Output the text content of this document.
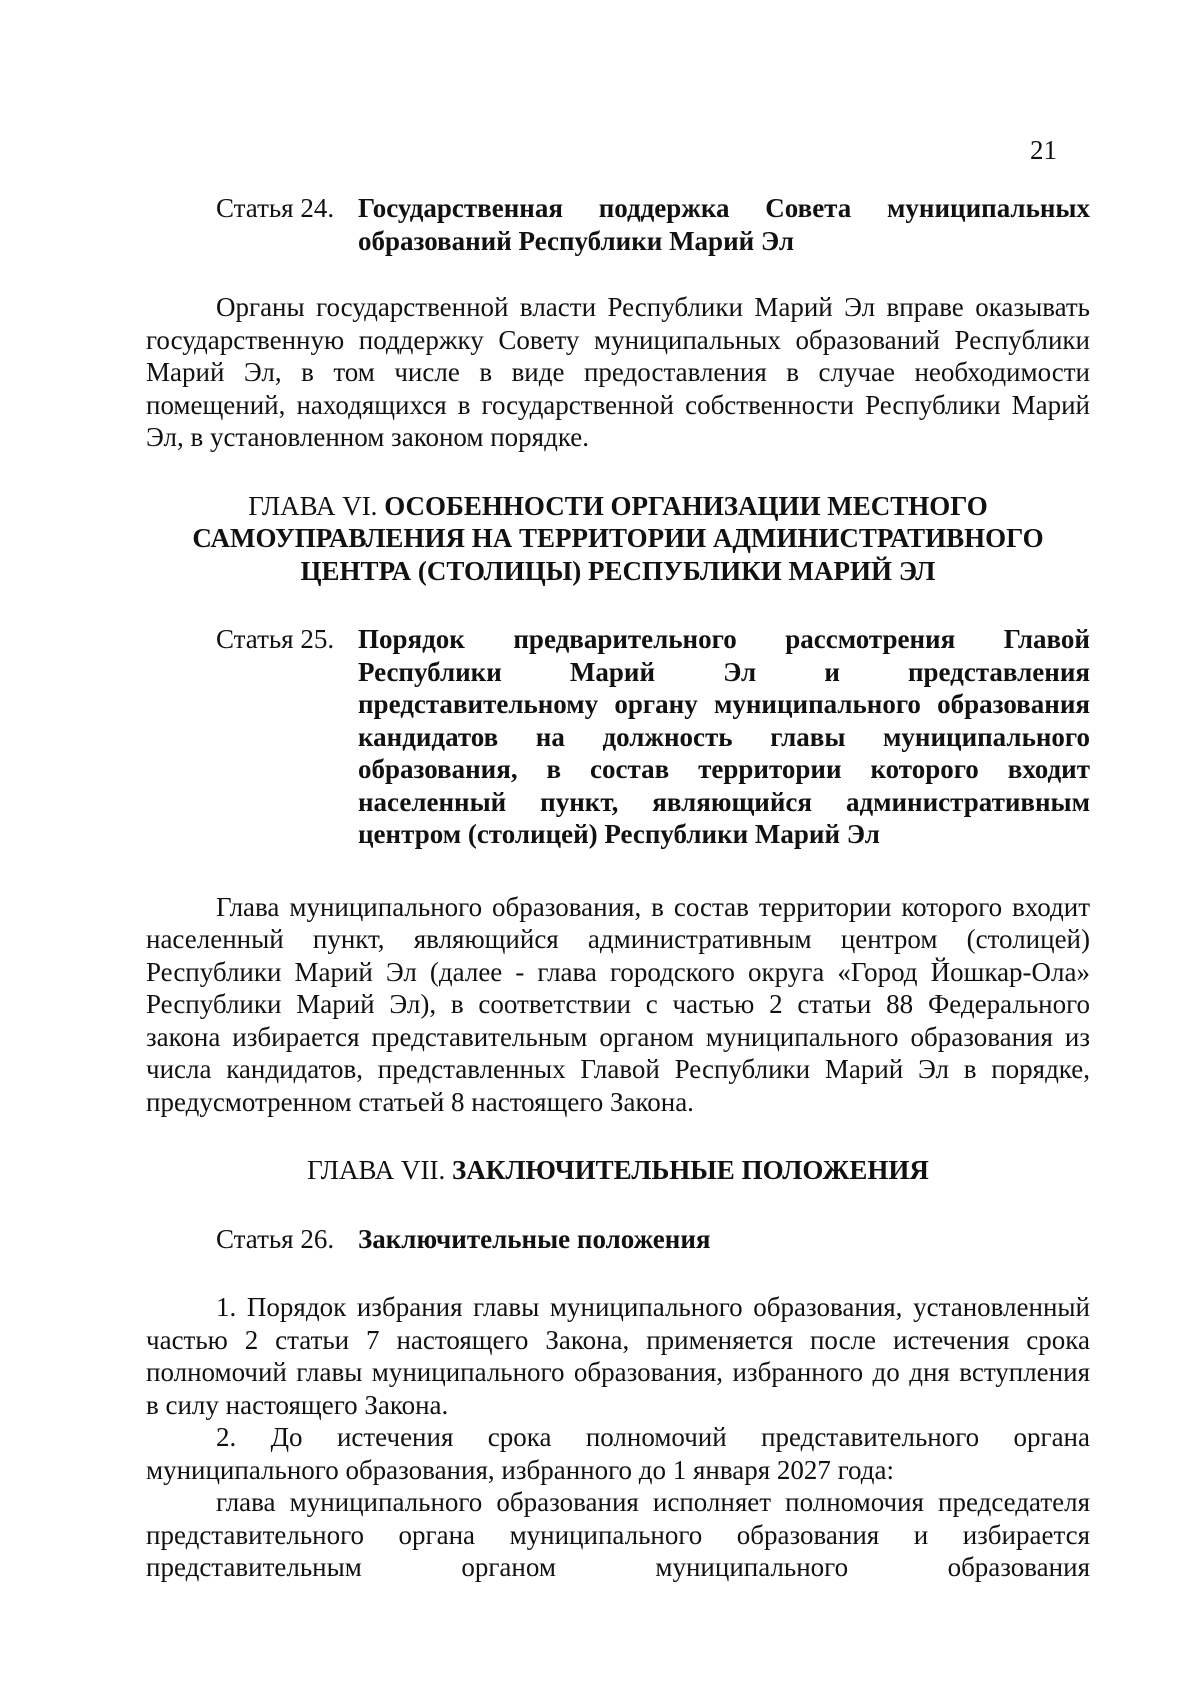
21
Статья 24. Государственная поддержка Совета муниципальных образований Республики Марий Эл

Органы государственной власти Республики Марий Эл вправе оказывать государственную поддержку Совету муниципальных образований Республики Марий Эл, в том числе в виде предоставления в случае необходимости помещений, находящихся в государственной собственности Республики Марий Эл, в установленном законом порядке.

ГЛАВА VI. ОСОБЕННОСТИ ОРГАНИЗАЦИИ МЕСТНОГО

САМОУПРАВЛЕНИЯ НА ТЕРРИТОРИИ АДМИНИСТРАТИВНОГО

ЦЕНТРА (СТОЛИЦЫ) РЕСПУБЛИКИ МАРИЙ ЭЛ

Статья 25. Порядок предварительного рассмотрения Главой Республики Марий Эл и представления представительному органу муниципального образования кандидатов на должность главы муниципального образования, в состав территории которого входит населенный пункт, являющийся административным центром (столицей) Республики Марий Эл

Глава муниципального образования, в состав территории которого входит населенный пункт, являющийся административным центром (столицей) Республики Марий Эл (далее - глава городского округа «Город Йошкар-Ола» Республики Марий Эл), в соответствии с частью 2 статьи 88 Федерального закона избирается представительным органом муниципального образования из числа кандидатов, представленных Главой Республики Марий Эл в порядке, предусмотренном статьей 8 настоящего Закона.

ГЛАВА VII. ЗАКЛЮЧИТЕЛЬНЫЕ ПОЛОЖЕНИЯ

Статья 26. Заключительные положения

1. Порядок избрания главы муниципального образования, установленный частью 2 статьи 7 настоящего Закона, применяется после истечения срока полномочий главы муниципального образования, избранного до дня вступления в силу настоящего Закона.

2. До истечения срока полномочий представительного органа муниципального образования, избранного до 1 января 2027 года:

глава муниципального образования исполняет полномочия председателя представительного органа муниципального образования и избирается представительным органом муниципального образования
